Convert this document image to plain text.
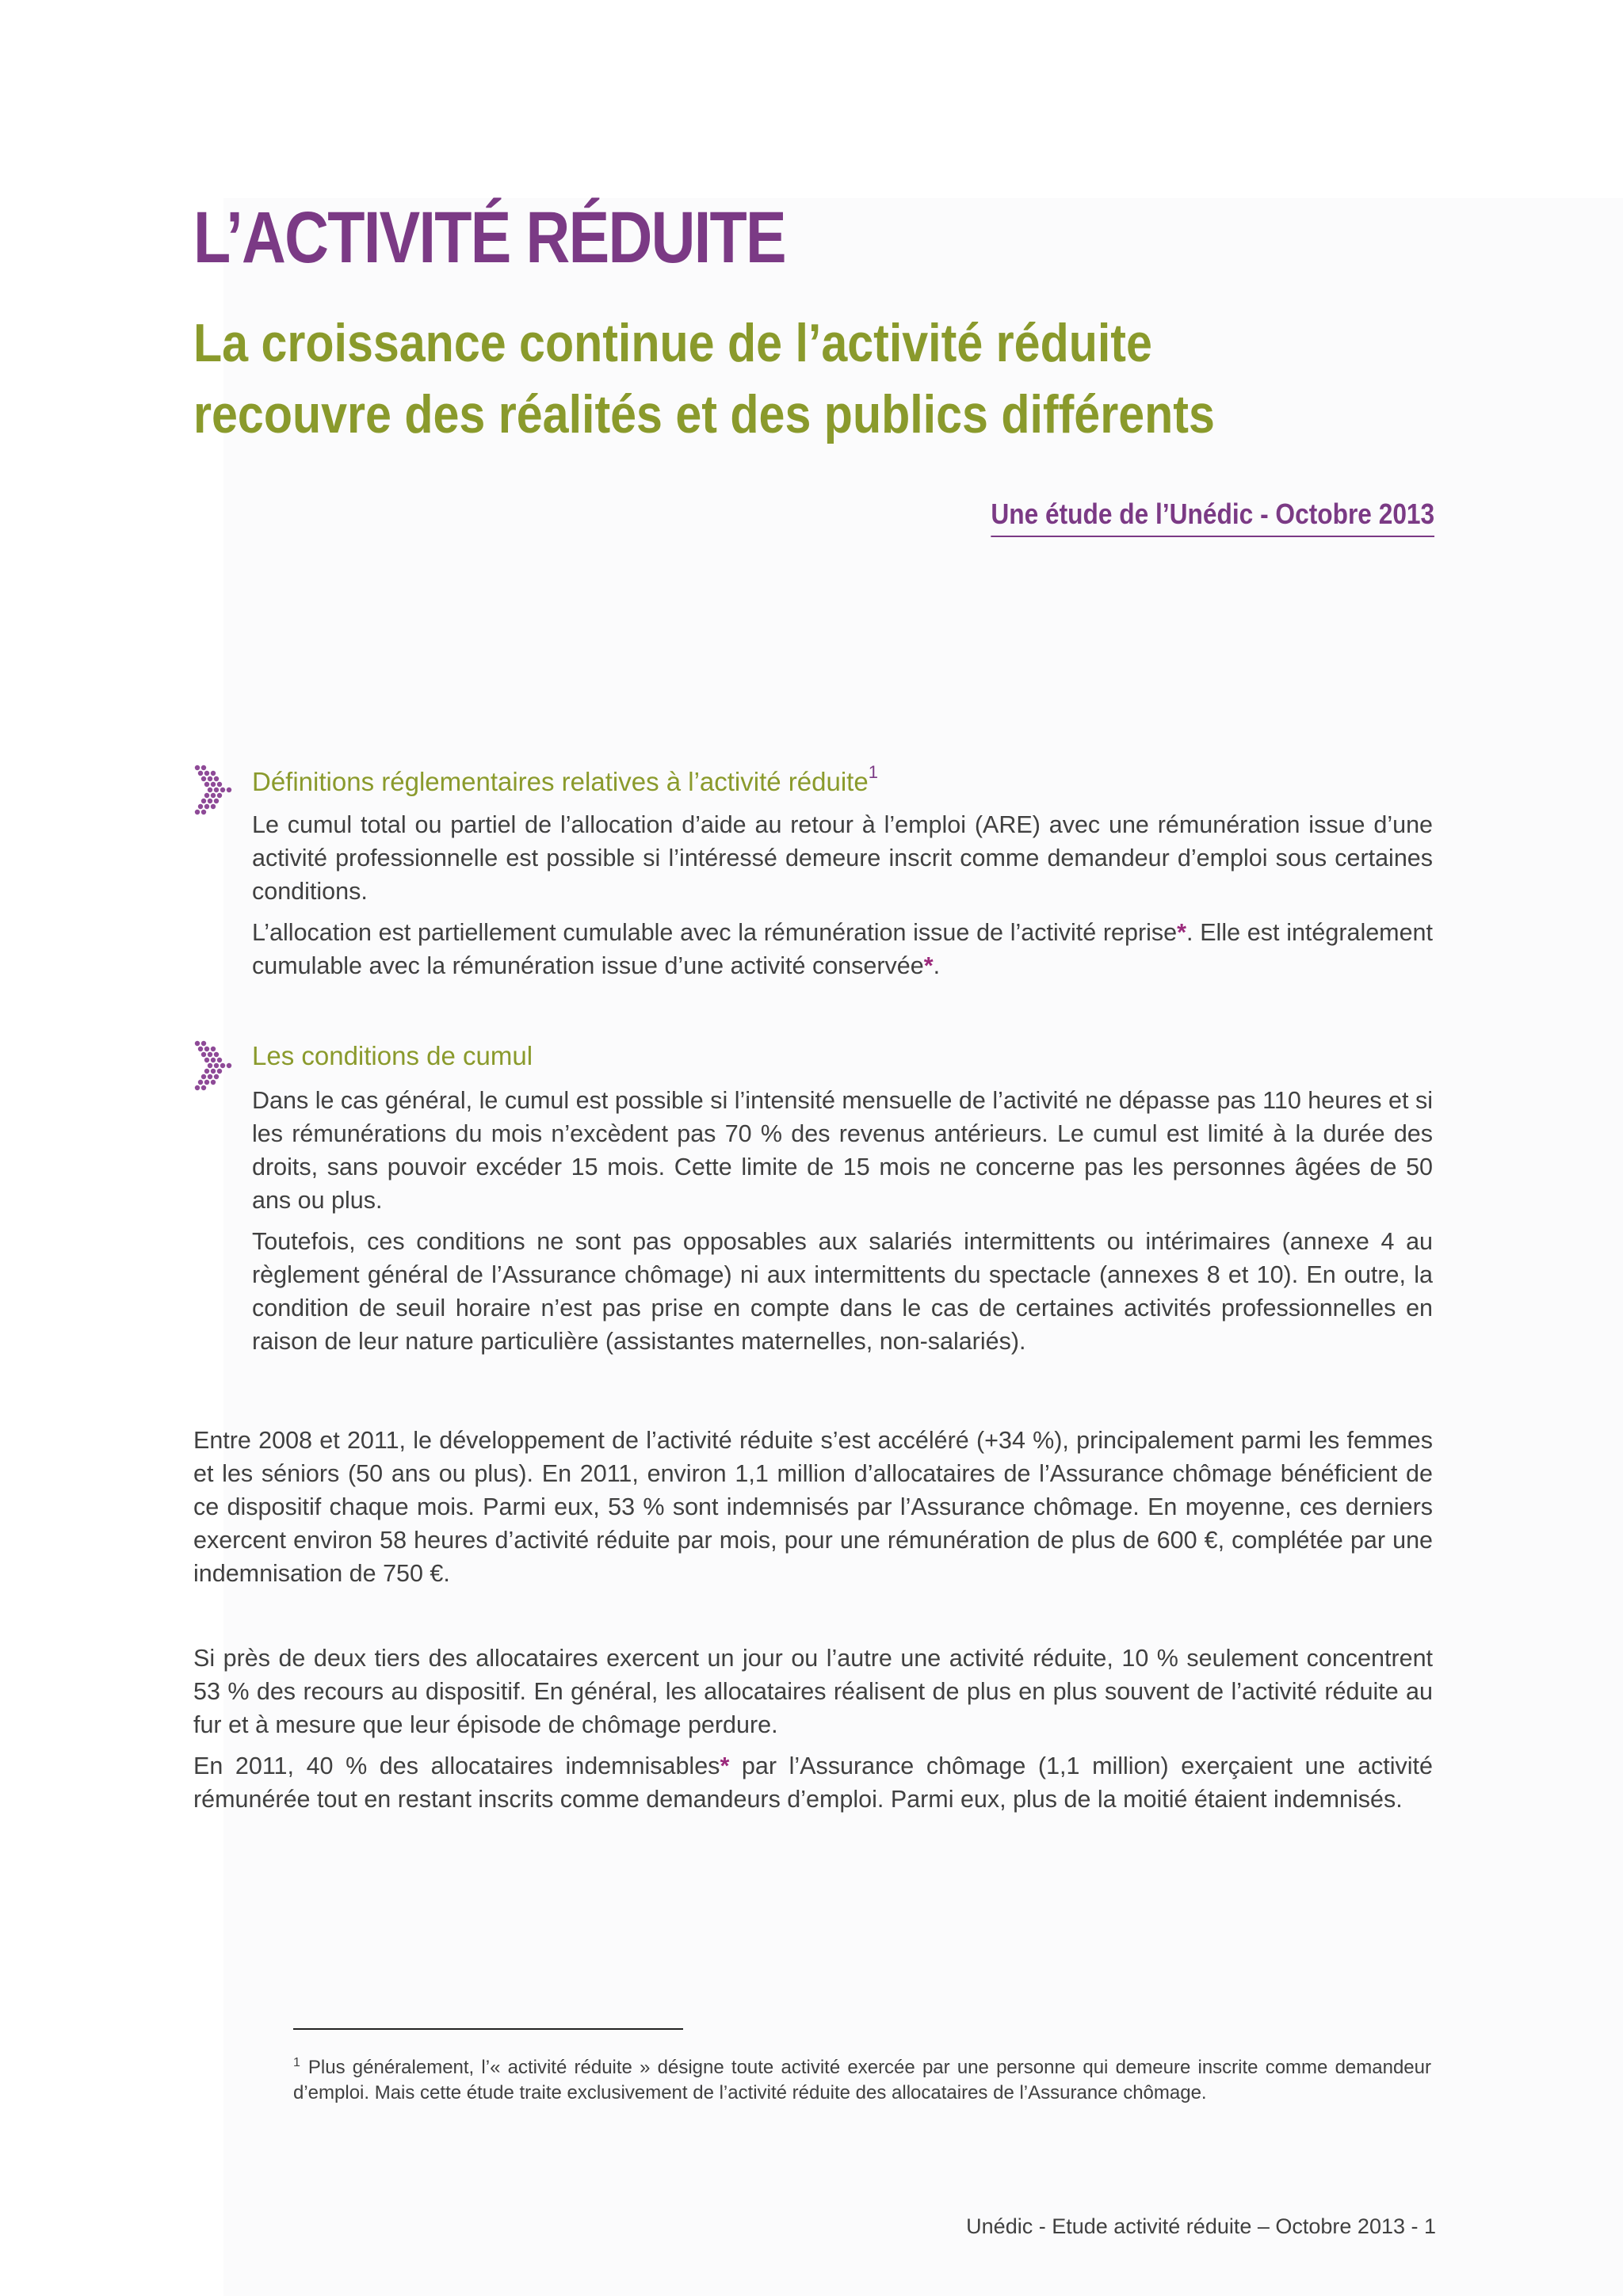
L’ACTIVITÉ RÉDUITE
La croissance continue de l’activité réduite
recouvre des réalités et des publics différents
Une étude de l’Unédic - Octobre 2013
Définitions réglementaires relatives à l’activité réduite$^1$

Le cumul total ou partiel de l’allocation d’aide au retour à l’emploi (ARE) avec une rémunération issue d’une activité professionnelle est possible si l’intéressé demeure inscrit comme demandeur d’emploi sous certaines conditions.

L’allocation est partiellement cumulable avec la rémunération issue de l’activité reprise*. Elle est intégralement cumulable avec la rémunération issue d’une activité conservée*.

Les conditions de cumul

Dans le cas général, le cumul est possible si l’intensité mensuelle de l’activité ne dépasse pas 110 heures et si les rémunérations du mois n’excèdent pas 70 % des revenus antérieurs. Le cumul est limité à la durée des droits, sans pouvoir excéder 15 mois. Cette limite de 15 mois ne concerne pas les personnes âgées de 50 ans ou plus.

Toutefois, ces conditions ne sont pas opposables aux salariés intermittents ou intérimaires (annexe 4 au règlement général de l’Assurance chômage) ni aux intermittents du spectacle (annexes 8 et 10). En outre, la condition de seuil horaire n’est pas prise en compte dans le cas de certaines activités professionnelles en raison de leur nature particulière (assistantes maternelles, non-salariés).

Entre 2008 et 2011, le développement de l’activité réduite s’est accéléré (+34 %), principalement parmi les femmes et les séniors (50 ans ou plus). En 2011, environ 1,1 million d’allocataires de l’Assurance chômage bénéficient de ce dispositif chaque mois. Parmi eux, 53 % sont indemnisés par l’Assurance chômage. En moyenne, ces derniers exercent environ 58 heures d’activité réduite par mois, pour une rémunération de plus de 600 €, complétée par une indemnisation de 750 €.

Si près de deux tiers des allocataires exercent un jour ou l’autre une activité réduite, 10 % seulement concentrent 53 % des recours au dispositif. En général, les allocataires réalisent de plus en plus souvent de l’activité réduite au fur et à mesure que leur épisode de chômage perdure.

En 2011, 40 % des allocataires indemnisables* par l’Assurance chômage (1,1 million) exerçaient une activité rémunérée tout en restant inscrits comme demandeurs d’emploi. Parmi eux, plus de la moitié étaient indemnisés.

$^1$ Plus généralement, l’« activité réduite » désigne toute activité exercée par une personne qui demeure inscrite comme demandeur d’emploi. Mais cette étude traite exclusivement de l’activité réduite des allocataires de l’Assurance chômage.

Unédic - Etude activité réduite – Octobre 2013 - 1
